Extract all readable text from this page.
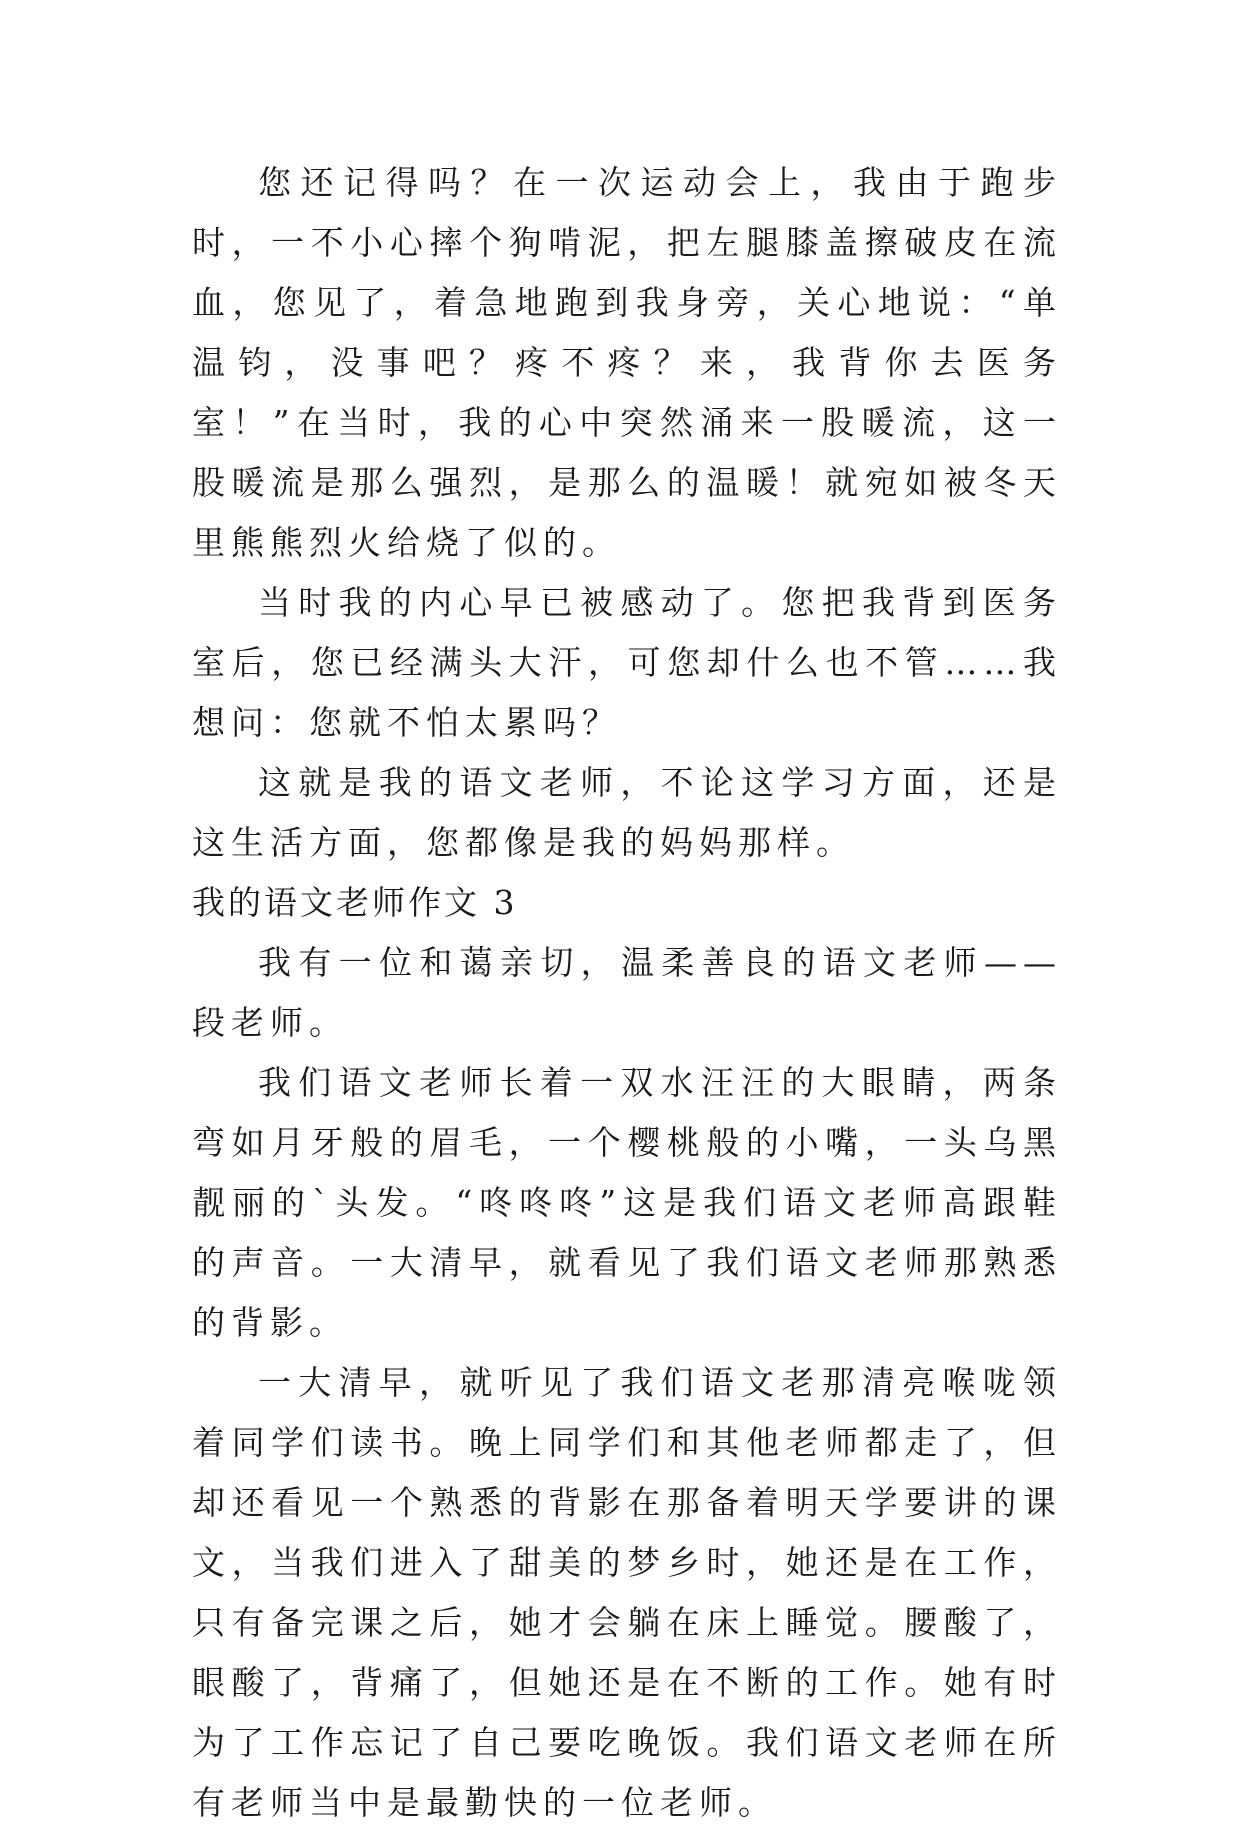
您还记得吗？在一次运动会上，我由于跑步时，一不小心摔个狗啃泥，把左腿膝盖擦破皮在流血，您见了，着急地跑到我身旁，关心地说：“单温钧，没事吧？疼不疼？来，我背你去医务室！”在当时，我的心中突然涌来一股暖流，这一股暖流是那么强烈，是那么的温暖！就宛如被冬天里熊熊烈火给烧了似的。

当时我的内心早已被感动了。您把我背到医务室后，您已经满头大汗，可您却什么也不管……我想问：您就不怕太累吗？

这就是我的语文老师，不论这学习方面，还是这生活方面，您都像是我的妈妈那样。

我的语文老师作文 3

我有一位和蔼亲切，温柔善良的语文老师——段老师。

我们语文老师长着一双水汪汪的大眼睛，两条弯如月牙般的眉毛，一个樱桃般的小嘴，一头乌黑靓丽的`头发。“咚咚咚”这是我们语文老师高跟鞋的声音。一大清早，就看见了我们语文老师那熟悉的背影。

一大清早，就听见了我们语文老那清亮喉咙领着同学们读书。晚上同学们和其他老师都走了，但却还看见一个熟悉的背影在那备着明天学要讲的课文，当我们进入了甜美的梦乡时，她还是在工作，只有备完课之后，她才会躺在床上睡觉。腰酸了，眼酸了，背痛了，但她还是在不断的工作。她有时为了工作忘记了自己要吃晚饭。我们语文老师在所有老师当中是最勤快的一位老师。
